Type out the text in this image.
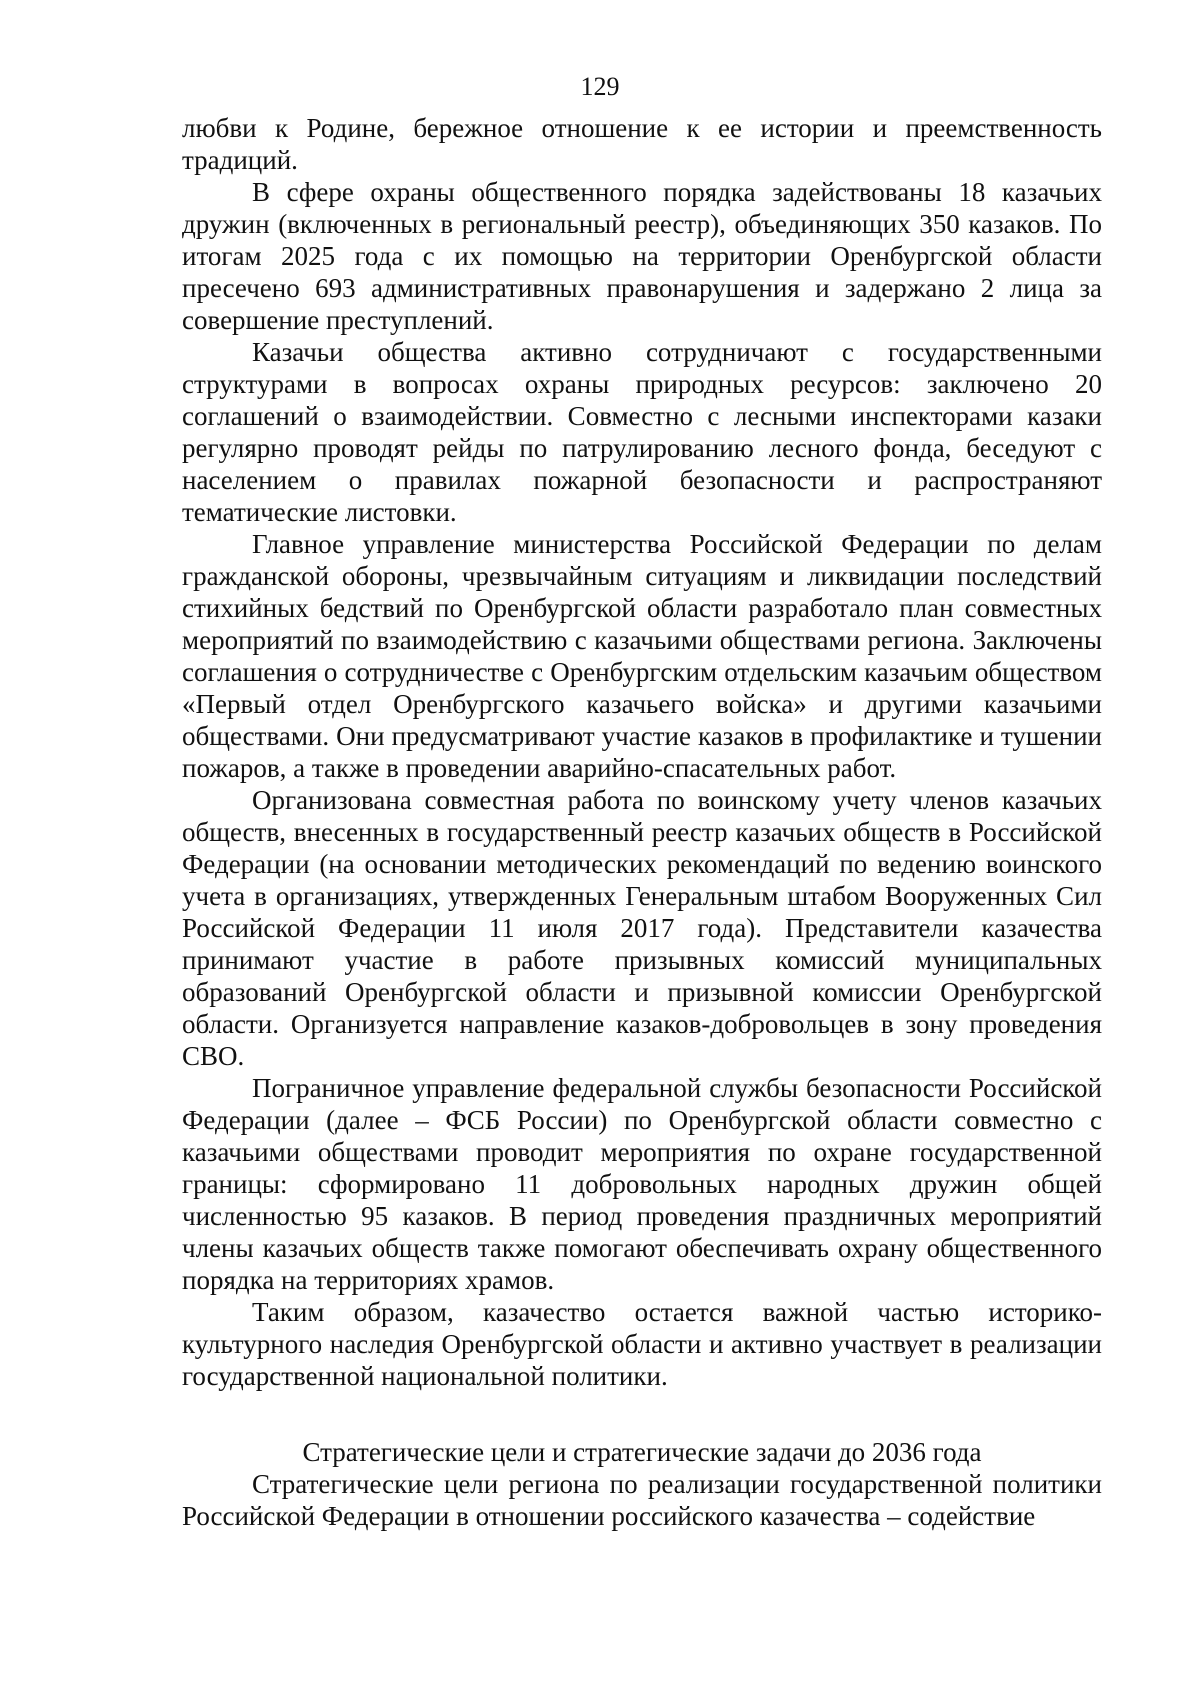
129

любви к Родине, бережное отношение к ее истории и преемственность традиций.

В сфере охраны общественного порядка задействованы 18 казачьих дружин (включенных в региональный реестр), объединяющих 350 казаков. По итогам 2025 года с их помощью на территории Оренбургской области пресечено 693 административных правонарушения и задержано 2 лица за совершение преступлений.

Казачьи общества активно сотрудничают с государственными структурами в вопросах охраны природных ресурсов: заключено 20 соглашений о взаимодействии. Совместно с лесными инспекторами казаки регулярно проводят рейды по патрулированию лесного фонда, беседуют с населением о правилах пожарной безопасности и распространяют тематические листовки.

Главное управление министерства Российской Федерации по делам гражданской обороны, чрезвычайным ситуациям и ликвидации последствий стихийных бедствий по Оренбургской области разработало план совместных мероприятий по взаимодействию с казачьими обществами региона. Заключены соглашения о сотрудничестве с Оренбургским отдельским казачьим обществом «Первый отдел Оренбургского казачьего войска» и другими казачьими обществами. Они предусматривают участие казаков в профилактике и тушении пожаров, а также в проведении аварийно-спасательных работ.

Организована совместная работа по воинскому учету членов казачьих обществ, внесенных в государственный реестр казачьих обществ в Российской Федерации (на основании методических рекомендаций по ведению воинского учета в организациях, утвержденных Генеральным штабом Вооруженных Сил Российской Федерации 11 июля 2017 года). Представители казачества принимают участие в работе призывных комиссий муниципальных образований Оренбургской области и призывной комиссии Оренбургской области. Организуется направление казаков-добровольцев в зону проведения СВО.

Пограничное управление федеральной службы безопасности Российской Федерации (далее – ФСБ России) по Оренбургской области совместно с казачьими обществами проводит мероприятия по охране государственной границы: сформировано 11 добровольных народных дружин общей численностью 95 казаков. В период проведения праздничных мероприятий члены казачьих обществ также помогают обеспечивать охрану общественного порядка на территориях храмов.

Таким образом, казачество остается важной частью историко-культурного наследия Оренбургской области и активно участвует в реализации государственной национальной политики.

Стратегические цели и стратегические задачи до 2036 года

Стратегические цели региона по реализации государственной политики Российской Федерации в отношении российского казачества – содействие
